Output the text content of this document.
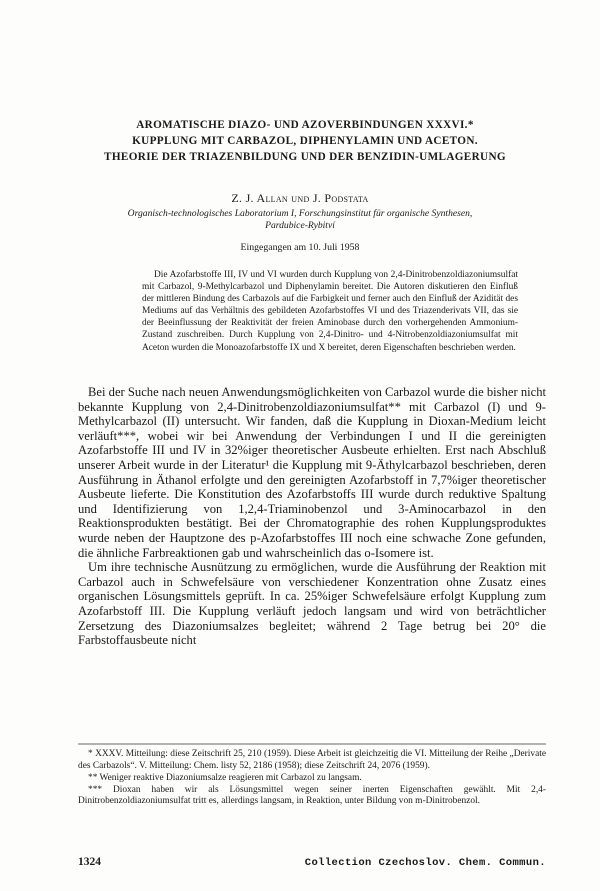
AROMATISCHE DIAZO- UND AZOVERBINDUNGEN XXXVI.*
KUPPLUNG MIT CARBAZOL, DIPHENYLAMIN UND ACETON.
THEORIE DER TRIAZENBILDUNG UND DER BENZIDIN-UMLAGERUNG
Z. J. Allan und J. Podstata
Organisch-technologisches Laboratorium I, Forschungsinstitut für organische Synthesen,
Pardubice-Rybitví
Eingegangen am 10. Juli 1958

Die Azofarbstoffe III, IV und VI wurden durch Kupplung von 2,4-Dinitrobenzoldiazoniumsulfat mit Carbazol, 9-Methylcarbazol und Diphenylamin bereitet. Die Autoren diskutieren den Einfluß der mittleren Bindung des Carbazols auf die Farbigkeit und ferner auch den Einfluß der Azidität des Mediums auf das Verhältnis des gebildeten Azofarbstoffes VI und des Triazenderivats VII, das sie der Beeinflussung der Reaktivität der freien Aminobase durch den vorhergehenden Ammonium-Zustand zuschreiben. Durch Kupplung von 2,4-Dinitro- und 4-Nitrobenzoldiazoniumsulfat mit Aceton wurden die Monoazofarbstoffe IX und X bereitet, deren Eigenschaften beschrieben werden.

Bei der Suche nach neuen Anwendungsmöglichkeiten von Carbazol wurde die bisher nicht bekannte Kupplung von 2,4-Dinitrobenzoldiazoniumsulfat** mit Carbazol (I) und 9-Methylcarbazol (II) untersucht. Wir fanden, daß die Kupplung in Dioxan-Medium leicht verläuft***, wobei wir bei Anwendung der Verbindungen I und II die gereinigten Azofarbstoffe III und IV in 32%iger theoretischer Ausbeute erhielten. Erst nach Abschluß unserer Arbeit wurde in der Literatur¹ die Kupplung mit 9-Äthylcarbazol beschrieben, deren Ausführung in Äthanol erfolgte und den gereinigten Azofarbstoff in 7,7%iger theoretischer Ausbeute lieferte. Die Konstitution des Azofarbstoffs III wurde durch reduktive Spaltung und Identifizierung von 1,2,4-Triaminobenzol und 3-Aminocarbazol in den Reaktionsprodukten bestätigt. Bei der Chromatographie des rohen Kupplungsproduktes wurde neben der Hauptzone des p-Azofarbstoffes III noch eine schwache Zone gefunden, die ähnliche Farbreaktionen gab und wahrscheinlich das o-Isomere ist.

Um ihre technische Ausnützung zu ermöglichen, wurde die Ausführung der Reaktion mit Carbazol auch in Schwefelsäure von verschiedener Konzentration ohne Zusatz eines organischen Lösungsmittels geprüft. In ca. 25%iger Schwefelsäure erfolgt Kupplung zum Azofarbstoff III. Die Kupplung verläuft jedoch langsam und wird von beträchtlicher Zersetzung des Diazoniumsalzes begleitet; während 2 Tage betrug bei 20° die Farbstoffausbeute nicht

* XXXV. Mitteilung: diese Zeitschrift 25, 210 (1959). Diese Arbeit ist gleichzeitig die VI. Mitteilung der Reihe „Derivate des Carbazols“. V. Mitteilung: Chem. listy 52, 2186 (1958); diese Zeitschrift 24, 2076 (1959).

** Weniger reaktive Diazoniumsalze reagieren mit Carbazol zu langsam.

*** Dioxan haben wir als Lösungsmittel wegen seiner inerten Eigenschaften gewählt. Mit 2,4-Dinitrobenzoldiazoniumsulfat tritt es, allerdings langsam, in Reaktion, unter Bildung von m-Dinitrobenzol.

1324	Collection Czechoslov. Chem. Commun.
